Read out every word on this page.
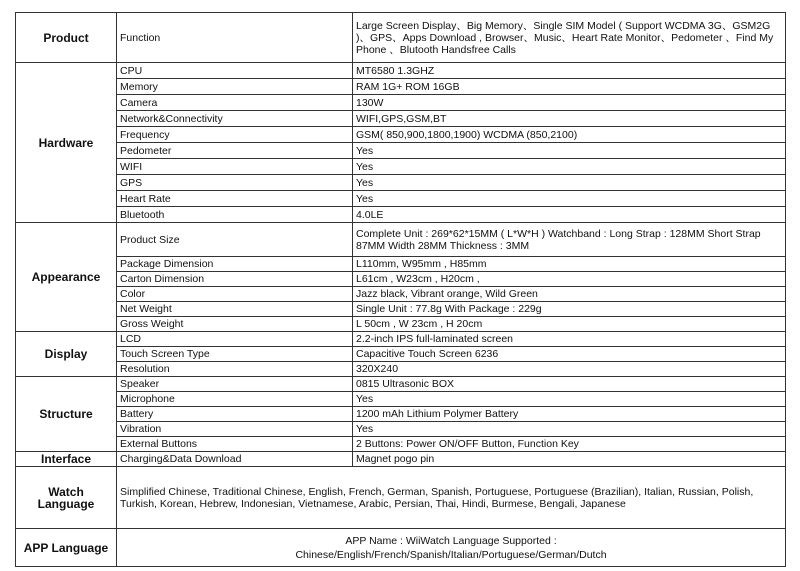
Product	Function	Large Screen Display、Big Memory、Single SIM Model ( Support WCDMA 3G、GSM2G )、GPS、Apps Download , Browser、Music、Heart Rate Monitor、Pedometer 、Find My Phone 、Blutooth Handsfree Calls
Hardware	CPU	MT6580 1.3GHZ
	Memory	RAM 1G+ ROM 16GB
	Camera	130W
	Network&Connectivity	WIFI,GPS,GSM,BT
	Frequency	GSM( 850,900,1800,1900) WCDMA (850,2100)
	Pedometer	Yes
	WIFI	Yes
	GPS	Yes
	Heart Rate	Yes
	Bluetooth	4.0LE
Appearance	Product Size	Complete Unit : 269*62*15MM ( L*W*H ) Watchband : Long Strap : 128MM Short Strap 87MM Width 28MM Thickness : 3MM
	Package Dimension	L110mm, W95mm , H85mm
	Carton Dimension	L61cm , W23cm , H20cm ,
	Color	Jazz black, Vibrant orange, Wild Green
	Net Weight	Single Unit : 77.8g With Package : 229g
	Gross Weight	L 50cm , W 23cm , H 20cm
Display	LCD	2.2-inch IPS full-laminated screen
	Touch Screen Type	Capacitive Touch Screen 6236
	Resolution	320X240
Structure	Speaker	0815 Ultrasonic BOX
	Microphone	Yes
	Battery	1200 mAh Lithium Polymer Battery
	Vibration	Yes
	External Buttons	2 Buttons: Power ON/OFF Button, Function Key
Interface	Charging&Data Download	Magnet pogo pin
Watch Language	Simplified Chinese, Traditional Chinese, English, French, German, Spanish, Portuguese, Portuguese (Brazilian), Italian, Russian, Polish, Turkish, Korean, Hebrew, Indonesian, Vietnamese, Arabic, Persian, Thai, Hindi, Burmese, Bengali, Japanese	
APP Language	APP Name : WiiWatch Language Supported :
Chinese/English/French/Spanish/Italian/Portuguese/German/Dutch	
